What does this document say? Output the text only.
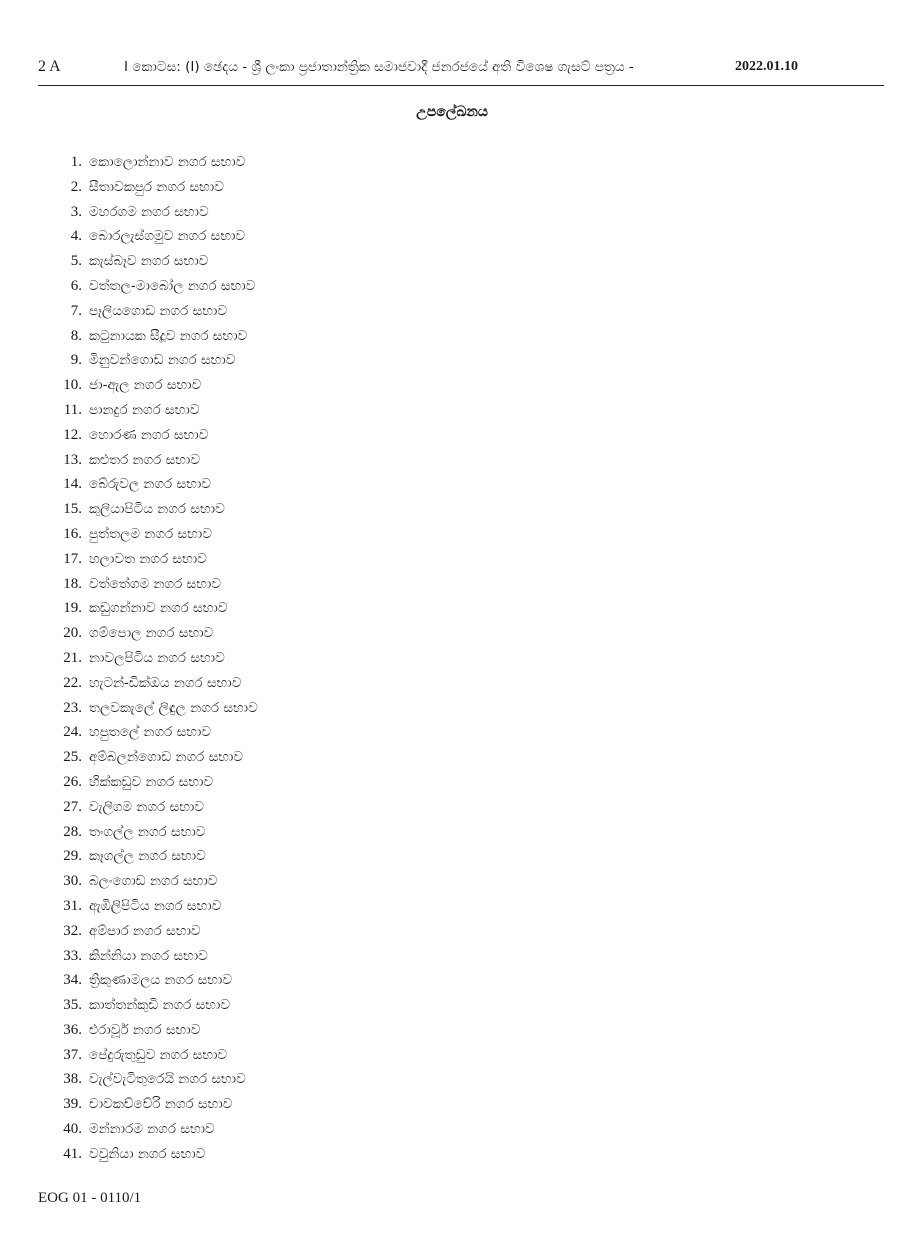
2 A	I කොටස: (I) ඡෙදය - ශ්‍රී ලංකා ප්‍රජාතාන්ත්‍රික සමාජවාදී ජනරජයේ අති විශෙෂ ගැසට් පත්‍රය -	2022.01.10
උපලේඛනය
1. කොලොන්නාව නගර සභාව
2. සීතාවකපුර නගර සභාව
3. මහරගම නගර සභාව
4. බොරලැස්ගමුව නගර සභාව
5. කැස්බෑව නගර සභාව
6. වත්තල-මාබෝල නගර සභාව
7. පෑලියගොඩ නගර සභාව
8. කටුනායක සීදූව නගර සභාව
9. මිනුවන්ගොඩ නගර සභාව
10. ජා-ඇල නගර සභාව
11. පානදුර නගර සභාව
12. හොරණ නගර සභාව
13. කළුතර නගර සභාව
14. බේරුවල නගර සභාව
15. කුලියාපිටිය නගර සභාව
16. පුත්තලම නගර සභාව
17. හලාවත නගර සභාව
18. වත්තේගම නගර සභාව
19. කඩුගන්නාව නගර සභාව
20. ගම්පොල නගර සභාව
21. නාවලපිටිය නගර සභාව
22. හැටන්-ඩික්ඔය නගර සභාව
23. තලවකැලේ ලිඳුල නගර සභාව
24. හපුතලේ නගර සභාව
25. අම්බලන්ගොඩ නගර සභාව
26. හික්කඩුව නගර සභාව
27. වැලිගම නගර සභාව
28. තංගල්ල නගර සභාව
29. කෑගල්ල නගර සභාව
30. බලංගොඩ නගර සභාව
31. ඇඹිලිපිටිය නගර සභාව
32. අම්පාර නගර සභාව
33. කින්නියා නගර සභාව
34. ත්‍රිකුණාමලය නගර සභාව
35. කාත්තන්කුඩි නගර සභාව
36. එරාවූර් නගර සභාව
37. පේදුරුතුඩුව නගර සභාව
38. වැල්වැටිතුරෙයි නගර සභාව
39. චාවකච්චේරි නගර සභාව
40. මන්නාරම නගර සභාව
41. වවුනියා නගර සභාව
EOG 01 - 0110/1
